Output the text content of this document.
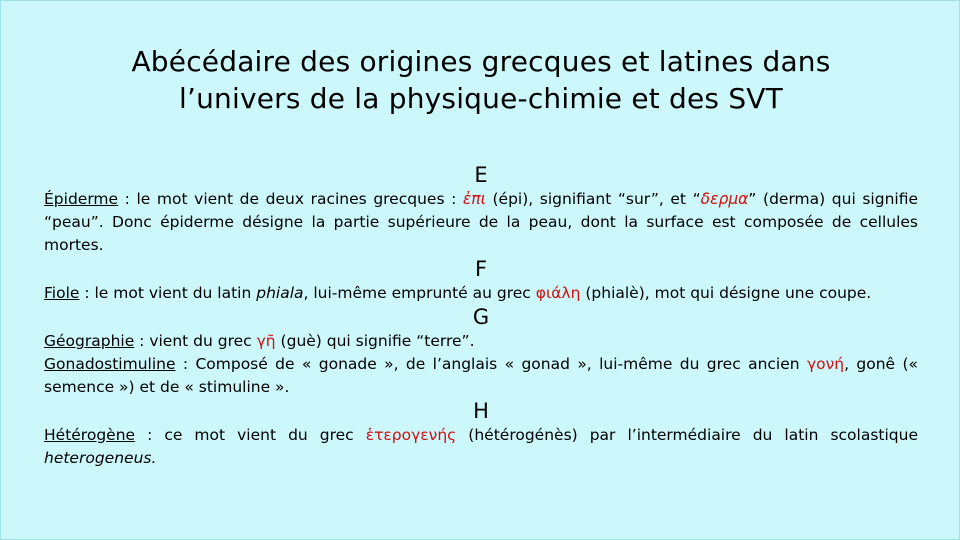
Abécédaire des origines grecques et latines dans
l’univers de la physique-chimie et des SVT

E

Épiderme : le mot vient de deux racines grecques : ἐπι (épi), signifiant “sur”, et “δερμα” (derma) qui signifie “peau”. Donc épiderme désigne la partie supérieure de la peau, dont la surface est composée de cellules mortes.

F

Fiole : le mot vient du latin phiala, lui-même emprunté au grec φιάλη (phialè), mot qui désigne une coupe.

G

Géographie : vient du grec γῆ (guè) qui signifie “terre”.

Gonadostimuline : Composé de « gonade », de l’anglais « gonad », lui-même du grec ancien γονή, gonê (« semence ») et de « stimuline ».

H

Hétérogène : ce mot vient du grec ἑτερογενής (hétérogénès) par l’intermédiaire du latin scolastique heterogeneus.
